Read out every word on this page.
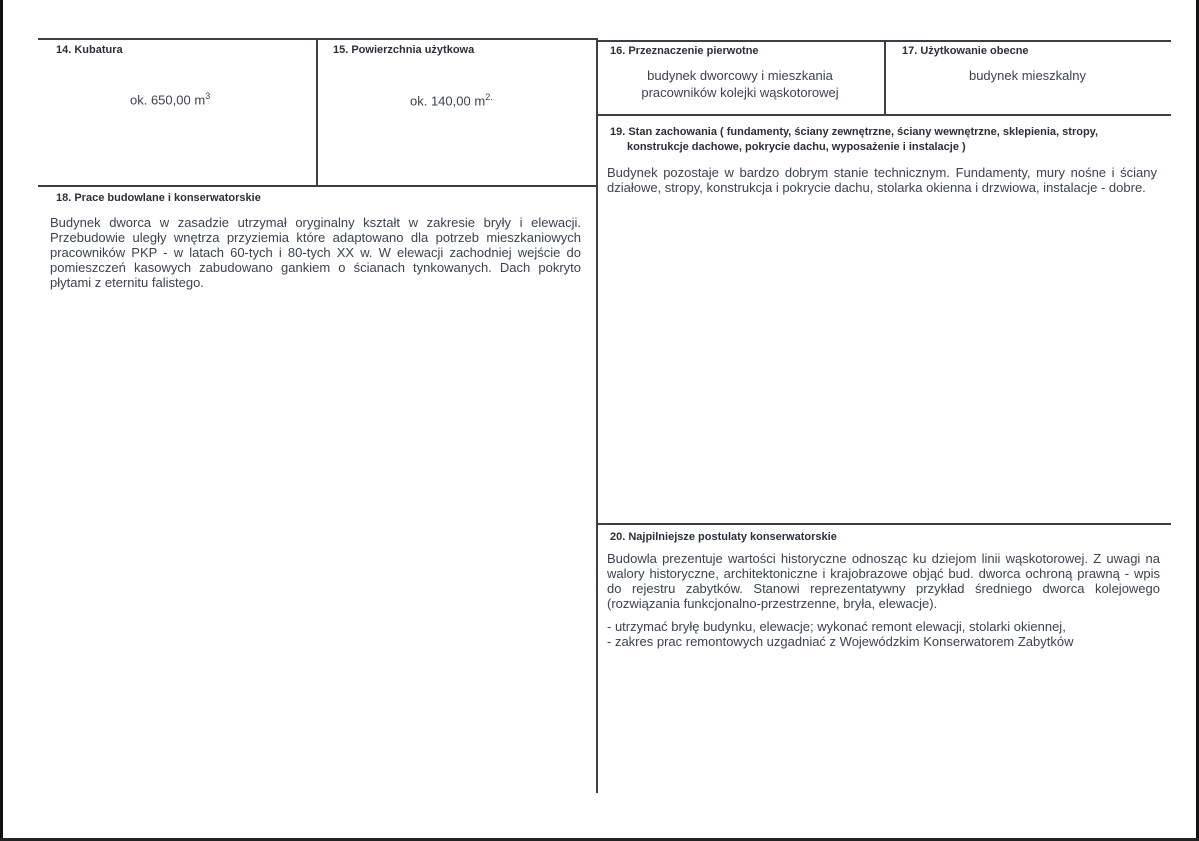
14. Kubatura
ok. 650,00 $m^3$
15. Powierzchnia użytkowa
ok. 140,00 $m^{2.}$
16. Przeznaczenie pierwotne
budynek dworcowy i mieszkania
pracowników kolejki wąskotorowej
17. Użytkowanie obecne
budynek mieszkalny
19. Stan zachowania ( fundamenty, ściany zewnętrzne, ściany wewnętrzne, sklepienia, stropy,
konstrukcje dachowe, pokrycie dachu, wyposażenie i instalacje )

Budynek pozostaje w bardzo dobrym stanie technicznym. Fundamenty, mury nośne i ściany działowe, stropy, konstrukcja i pokrycie dachu, stolarka okienna i drzwiowa, instalacje - dobre.

18. Prace budowlane i konserwatorskie

Budynek dworca w zasadzie utrzymał oryginalny kształt w zakresie bryły i elewacji. Przebudowie uległy wnętrza przyziemia które adaptowano dla potrzeb mieszkaniowych pracowników PKP - w latach 60-tych i 80-tych XX w. W elewacji zachodniej wejście do pomieszczeń kasowych zabudowano gankiem o ścianach tynkowanych. Dach pokryto płytami z eternitu falistego.

20. Najpilniejsze postulaty konserwatorskie

Budowla prezentuje wartości historyczne odnosząc ku dziejom linii wąskotorowej. Z uwagi na walory historyczne, architektoniczne i krajobrazowe objąć bud. dworca ochroną prawną - wpis do rejestru zabytków. Stanowi reprezentatywny przykład średniego dworca kolejowego (rozwiązania funkcjonalno-przestrzenne, bryła, elewacje).

- utrzymać bryłę budynku, elewacje; wykonać remont elewacji, stolarki okiennej,

- zakres prac remontowych uzgadniać z Wojewódzkim Konserwatorem Zabytków
